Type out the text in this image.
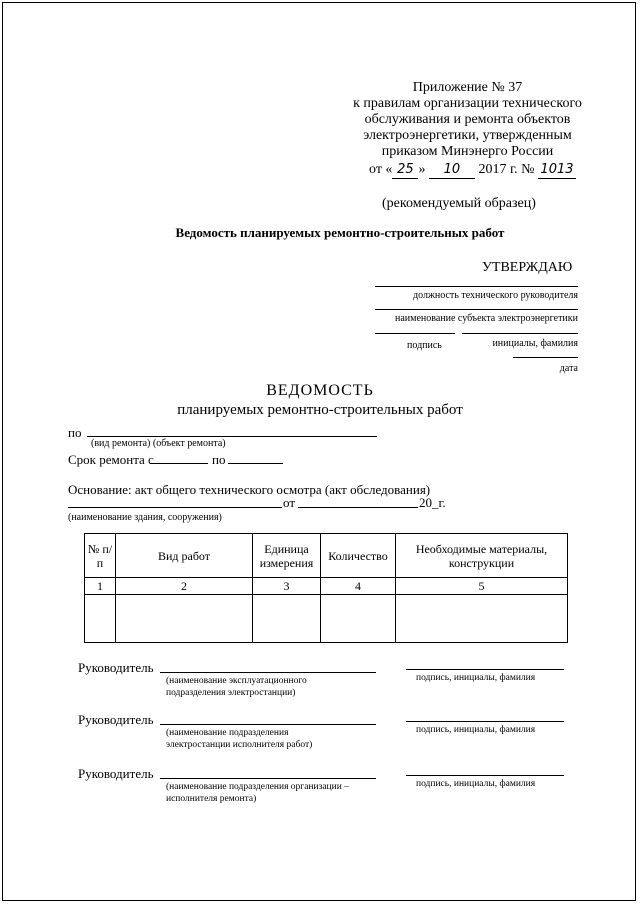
Приложение № 37
к правилам организации технического
обслуживания и ремонта объектов
электроэнергетики, утвержденным
приказом Минэнерго России
от « 25 » 10 2017 г. № 1013
(рекомендуемый образец)
Ведомость планируемых ремонтно-строительных работ
УТВЕРЖДАЮ
должность технического руководителя
наименование субъекта электроэнергетики
подпись	инициалы, фамилия
дата
ВЕДОМОСТЬ
планируемых ремонтно-строительных работ
по
(вид ремонта) (объект ремонта)
Срок ремонта с	по
Основание: акт общего технического осмотра (акт обследования)
от	20_г.
(наименование здания, сооружения)
№ п/п	Вид работ	Единица измерения	Количество	Необходимые материалы, конструкции
1	2	3	4	5

Руководитель
(наименование эксплуатационного
подразделения электростанции)
подпись, инициалы, фамилия
Руководитель
(наименование подразделения
электростанции исполнителя работ)
подпись, инициалы, фамилия
Руководитель
(наименование подразделения организации –
исполнителя ремонта)
подпись, инициалы, фамилия
